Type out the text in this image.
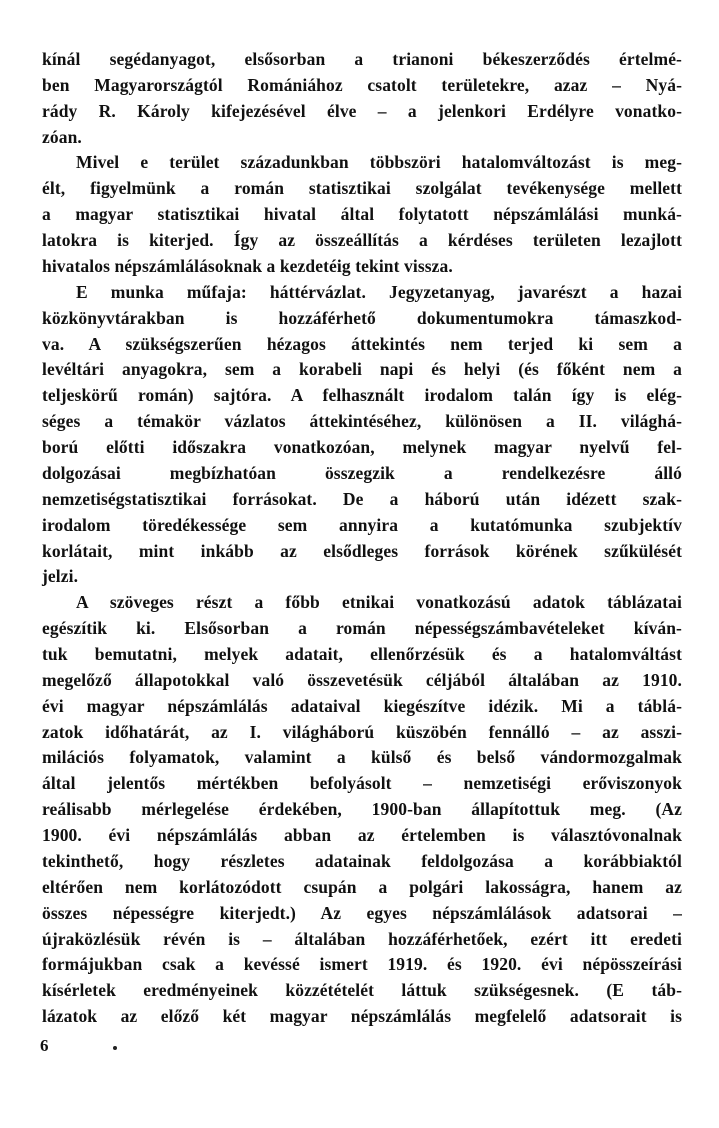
kínál segédanyagot, elsősorban a trianoni békeszerződés értelmé-
ben Magyarországtól Romániához csatolt területekre, azaz – Nyá-
rády R. Károly kifejezésével élve – a jelenkori Erdélyre vonatko-
zóan.
Mivel e terület századunkban többszöri hatalomváltozást is meg-
élt, figyelmünk a román statisztikai szolgálat tevékenysége mellett
a magyar statisztikai hivatal által folytatott népszámlálási munká-
latokra is kiterjed. Így az összeállítás a kérdéses területen lezajlott
hivatalos népszámlálásoknak a kezdetéig tekint vissza.
E munka műfaja: háttérvázlat. Jegyzetanyag, javarészt a hazai
közkönyvtárakban is hozzáférhető dokumentumokra támaszkod-
va. A szükségszerűen hézagos áttekintés nem terjed ki sem a
levéltári anyagokra, sem a korabeli napi és helyi (és főként nem a
teljeskörű román) sajtóra. A felhasznált irodalom talán így is elég-
séges a témakör vázlatos áttekintéséhez, különösen a II. világhá-
ború előtti időszakra vonatkozóan, melynek magyar nyelvű fel-
dolgozásai megbízhatóan összegzik a rendelkezésre álló
nemzetiségstatisztikai forrásokat. De a háború után idézett szak-
irodalom töredékessége sem annyira a kutatómunka szubjektív
korlátait, mint inkább az elsődleges források körének szűkülését
jelzi.
A szöveges részt a főbb etnikai vonatkozású adatok táblázatai
egészítik ki. Elsősorban a román népességszámbavételeket kíván-
tuk bemutatni, melyek adatait, ellenőrzésük és a hatalomváltást
megelőző állapotokkal való összevetésük céljából általában az 1910.
évi magyar népszámlálás adataival kiegészítve idézik. Mi a táblá-
zatok időhatárát, az I. világháború küszöbén fennálló – az asszi-
milációs folyamatok, valamint a külső és belső vándormozgalmak
által jelentős mértékben befolyásolt – nemzetiségi erőviszonyok
reálisabb mérlegelése érdekében, 1900-ban állapítottuk meg. (Az
1900. évi népszámlálás abban az értelemben is választóvonalnak
tekinthető, hogy részletes adatainak feldolgozása a korábbiaktól
eltérően nem korlátozódott csupán a polgári lakosságra, hanem az
összes népességre kiterjedt.) Az egyes népszámlálások adatsorai –
újraközlésük révén is – általában hozzáférhetőek, ezért itt eredeti
6
formájukban csak a kevéssé ismert 1919. és 1920. évi népösszeírási
kísérletek eredményeinek közzétételét láttuk szükségesnek. (E táb-
lázatok az előző két magyar népszámlálás megfelelő adatsorait is
